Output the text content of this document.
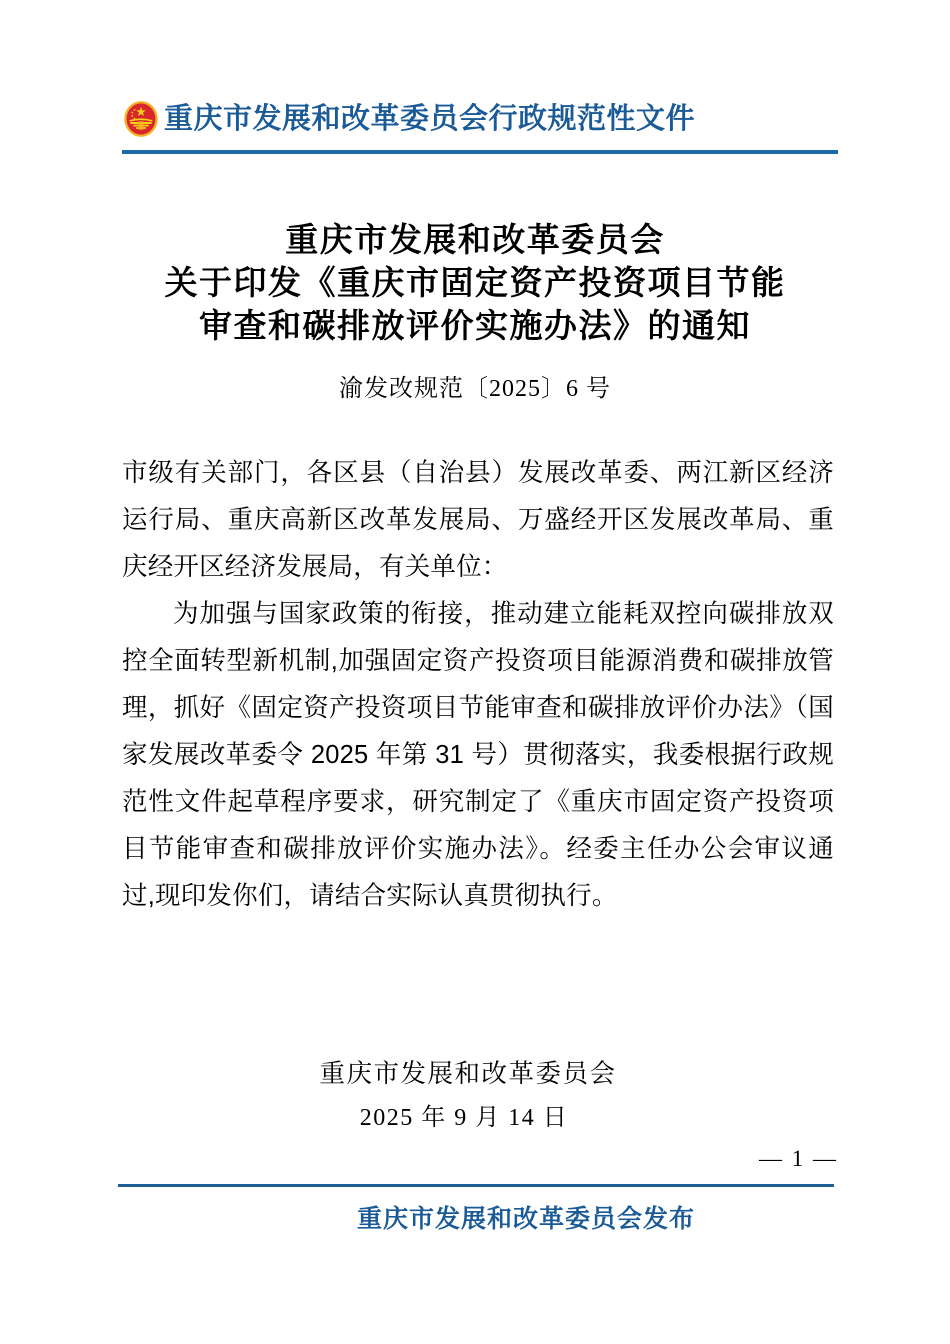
重庆市发展和改革委员会行政规范性文件
重庆市发展和改革委员会
关于印发《重庆市固定资产投资项目节能
审查和碳排放评价实施办法》的通知
渝发改规范〔2025〕6 号

市级有关部门，各区县（自治县）发展改革委、两江新区经济运行局、重庆高新区改革发展局、万盛经开区发展改革局、重庆经开区经济发展局，有关单位：

为加强与国家政策的衔接，推动建立能耗双控向碳排放双控全面转型新机制,加强固定资产投资项目能源消费和碳排放管理，抓好《固定资产投资项目节能审查和碳排放评价办法》（国家发展改革委令 2025 年第 31 号）贯彻落实，我委根据行政规范性文件起草程序要求，研究制定了《重庆市固定资产投资项目节能审查和碳排放评价实施办法》。经委主任办公会审议通过,现印发你们，请结合实际认真贯彻执行。

重庆市发展和改革委员会
2025 年 9 月 14 日
— 1 —
重庆市发展和改革委员会发布
